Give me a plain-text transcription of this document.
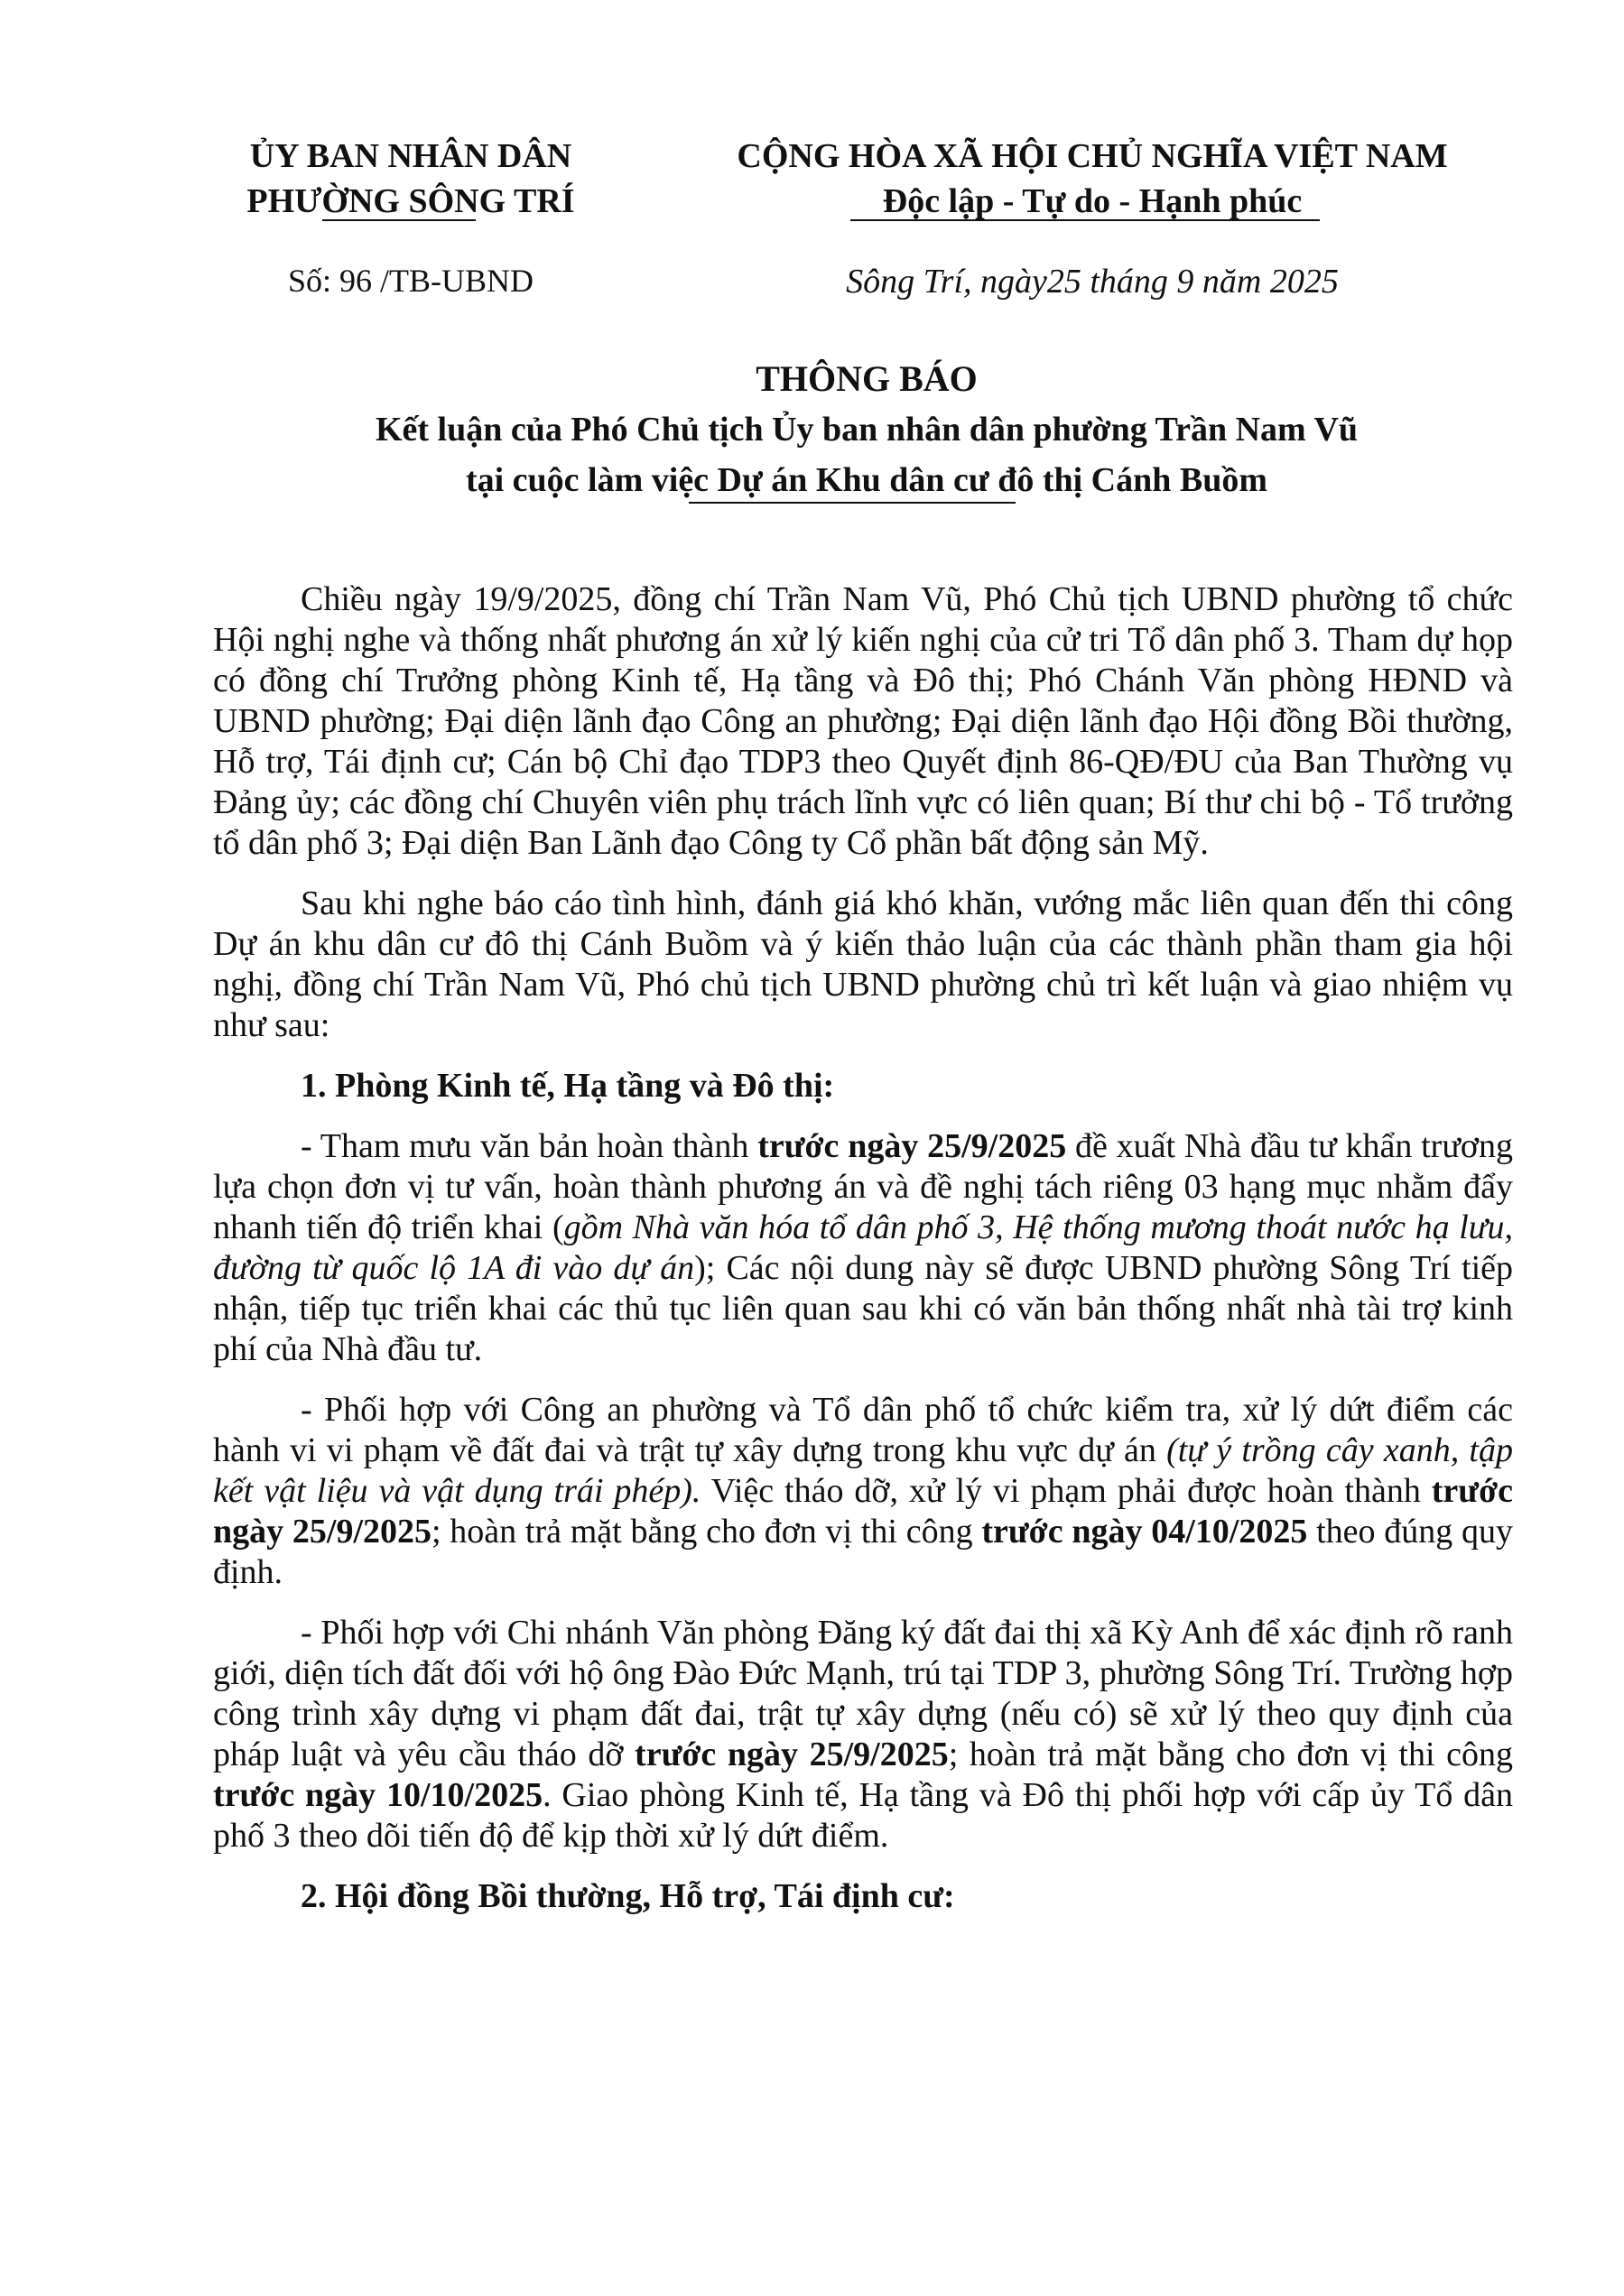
ỦY BAN NHÂN DÂN
PHƯỜNG SÔNG TRÍ
CỘNG HÒA XÃ HỘI CHỦ NGHĨA VIỆT NAM
Độc lập - Tự do - Hạnh phúc
Số: 96 /TB-UBND	Sông Trí, ngày25 tháng 9 năm 2025
THÔNG BÁO
Kết luận của Phó Chủ tịch Ủy ban nhân dân phường Trần Nam Vũ
tại cuộc làm việc Dự án Khu dân cư đô thị Cánh Buồm

Chiều ngày 19/9/2025, đồng chí Trần Nam Vũ, Phó Chủ tịch UBND phường tổ chức Hội nghị nghe và thống nhất phương án xử lý kiến nghị của cử tri Tổ dân phố 3. Tham dự họp có đồng chí Trưởng phòng Kinh tế, Hạ tầng và Đô thị; Phó Chánh Văn phòng HĐND và UBND phường; Đại diện lãnh đạo Công an phường; Đại diện lãnh đạo Hội đồng Bồi thường, Hỗ trợ, Tái định cư; Cán bộ Chỉ đạo TDP3 theo Quyết định 86-QĐ/ĐU của Ban Thường vụ Đảng ủy; các đồng chí Chuyên viên phụ trách lĩnh vực có liên quan; Bí thư chi bộ - Tổ trưởng tổ dân phố 3; Đại diện Ban Lãnh đạo Công ty Cổ phần bất động sản Mỹ.

Sau khi nghe báo cáo tình hình, đánh giá khó khăn, vướng mắc liên quan đến thi công Dự án khu dân cư đô thị Cánh Buồm và ý kiến thảo luận của các thành phần tham gia hội nghị, đồng chí Trần Nam Vũ, Phó chủ tịch UBND phường chủ trì kết luận và giao nhiệm vụ như sau:

1. Phòng Kinh tế, Hạ tầng và Đô thị:

- Tham mưu văn bản hoàn thành trước ngày 25/9/2025 đề xuất Nhà đầu tư khẩn trương lựa chọn đơn vị tư vấn, hoàn thành phương án và đề nghị tách riêng 03 hạng mục nhằm đẩy nhanh tiến độ triển khai (gồm Nhà văn hóa tổ dân phố 3, Hệ thống mương thoát nước hạ lưu, đường từ quốc lộ 1A đi vào dự án); Các nội dung này sẽ được UBND phường Sông Trí tiếp nhận, tiếp tục triển khai các thủ tục liên quan sau khi có văn bản thống nhất nhà tài trợ kinh phí của Nhà đầu tư.

- Phối hợp với Công an phường và Tổ dân phố tổ chức kiểm tra, xử lý dứt điểm các hành vi vi phạm về đất đai và trật tự xây dựng trong khu vực dự án (tự ý trồng cây xanh, tập kết vật liệu và vật dụng trái phép). Việc tháo dỡ, xử lý vi phạm phải được hoàn thành trước ngày 25/9/2025; hoàn trả mặt bằng cho đơn vị thi công trước ngày 04/10/2025 theo đúng quy định.

- Phối hợp với Chi nhánh Văn phòng Đăng ký đất đai thị xã Kỳ Anh để xác định rõ ranh giới, diện tích đất đối với hộ ông Đào Đức Mạnh, trú tại TDP 3, phường Sông Trí. Trường hợp công trình xây dựng vi phạm đất đai, trật tự xây dựng (nếu có) sẽ xử lý theo quy định của pháp luật và yêu cầu tháo dỡ trước ngày 25/9/2025; hoàn trả mặt bằng cho đơn vị thi công trước ngày 10/10/2025. Giao phòng Kinh tế, Hạ tầng và Đô thị phối hợp với cấp ủy Tổ dân phố 3 theo dõi tiến độ để kịp thời xử lý dứt điểm.

2. Hội đồng Bồi thường, Hỗ trợ, Tái định cư:
